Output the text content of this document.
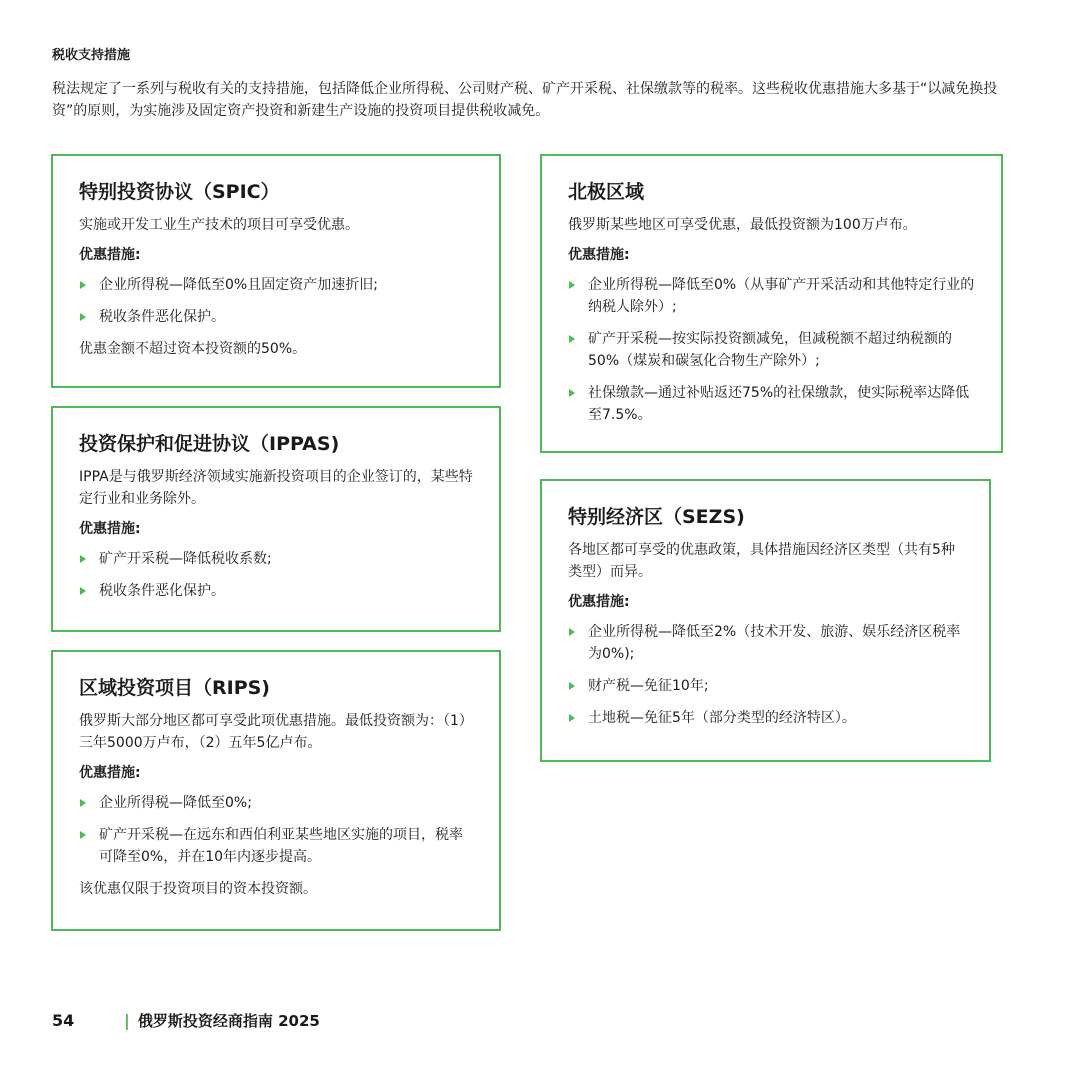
税收支持措施

税法规定了一系列与税收有关的支持措施，包括降低企业所得税、公司财产税、矿产开采税、社保缴款等的税率。这些税收优惠措施大多基于“以减免换投资”的原则，为实施涉及固定资产投资和新建生产设施的投资项目提供税收减免。

特别投资协议（SPIC）

实施或开发工业生产技术的项目可享受优惠。

优惠措施:

企业所得税—降低至0%且固定资产加速折旧;
税收条件恶化保护。

优惠金额不超过资本投资额的50%。

投资保护和促进协议（IPPAS)

IPPA是与俄罗斯经济领域实施新投资项目的企业签订的，某些特定行业和业务除外。

优惠措施:

矿产开采税—降低税收系数;
税收条件恶化保护。
区域投资项目（RIPS)

俄罗斯大部分地区都可享受此项优惠措施。最低投资额为：（1）三年5000万卢布，（2）五年5亿卢布。

优惠措施:

企业所得税—降低至0%;
矿产开采税—在远东和西伯利亚某些地区实施的项目，税率可降至0%，并在10年内逐步提高。

该优惠仅限于投资项目的资本投资额。

北极区域

俄罗斯某些地区可享受优惠，最低投资额为100万卢布。

优惠措施:

企业所得税—降低至0%（从事矿产开采活动和其他特定行业的纳税人除外）;
矿产开采税—按实际投资额减免，但减税额不超过纳税额的50%（煤炭和碳氢化合物生产除外）;
社保缴款—通过补贴返还75%的社保缴款，使实际税率达降低至7.5%。
特别经济区（SEZS)

各地区都可享受的优惠政策，具体措施因经济区类型（共有5种类型）而异。

优惠措施:

企业所得税—降低至2%（技术开发、旅游、娱乐经济区税率为0%);
财产税—免征10年;
土地税—免征5年（部分类型的经济特区）。
54	| 俄罗斯投资经商指南 2025
